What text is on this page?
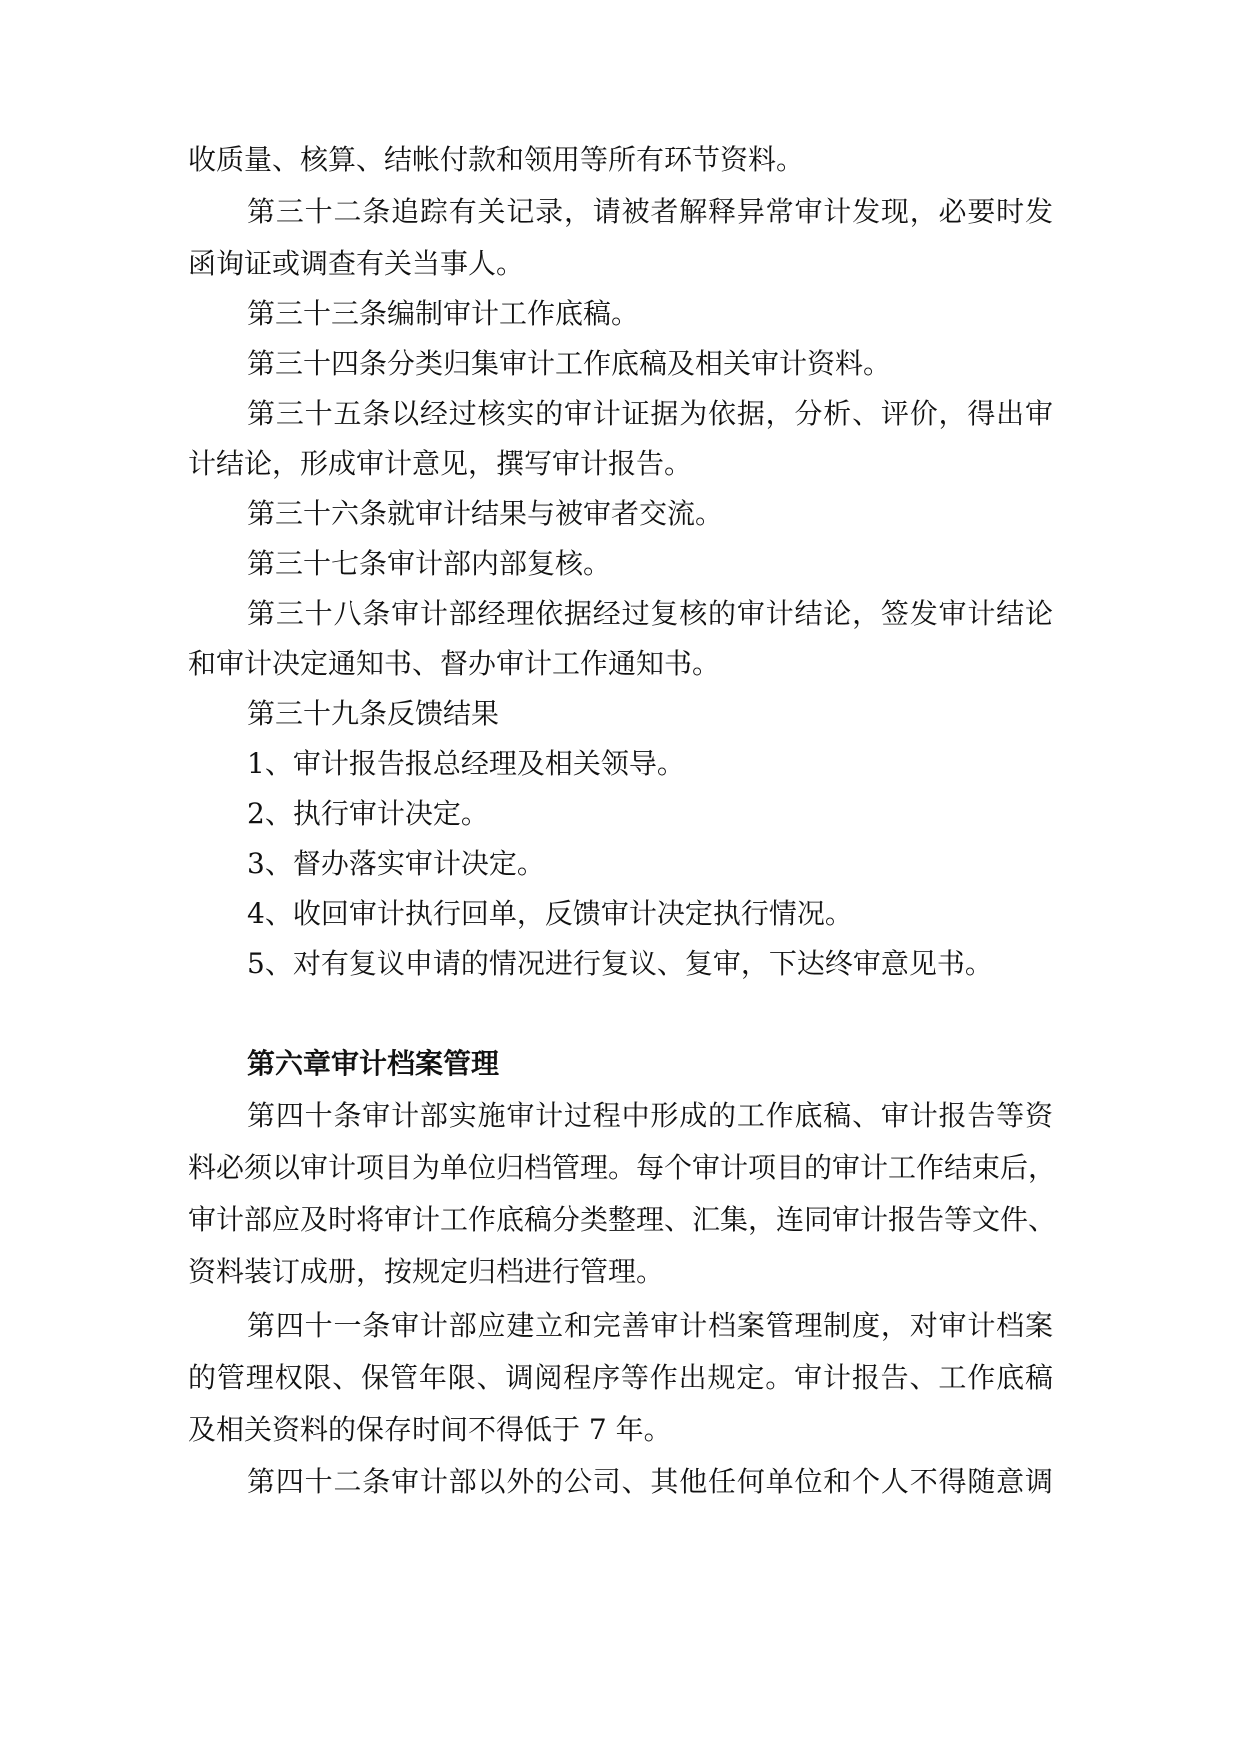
收质量、核算、结帐付款和领用等所有环节资料。
第三十二条追踪有关记录，请被者解释异常审计发现，必要时发
函询证或调查有关当事人。
第三十三条编制审计工作底稿。
第三十四条分类归集审计工作底稿及相关审计资料。
第三十五条以经过核实的审计证据为依据，分析、评价，得出审
计结论，形成审计意见，撰写审计报告。
第三十六条就审计结果与被审者交流。
第三十七条审计部内部复核。
第三十八条审计部经理依据经过复核的审计结论，签发审计结论
和审计决定通知书、督办审计工作通知书。
第三十九条反馈结果
1、审计报告报总经理及相关领导。
2、执行审计决定。
3、督办落实审计决定。
4、收回审计执行回单，反馈审计决定执行情况。
5、对有复议申请的情况进行复议、复审，下达终审意见书。
第六章审计档案管理
第四十条审计部实施审计过程中形成的工作底稿、审计报告等资
料必须以审计项目为单位归档管理。每个审计项目的审计工作结束后，
审计部应及时将审计工作底稿分类整理、汇集，连同审计报告等文件、
资料装订成册，按规定归档进行管理。
第四十一条审计部应建立和完善审计档案管理制度，对审计档案
的管理权限、保管年限、调阅程序等作出规定。审计报告、工作底稿
及相关资料的保存时间不得低于 7 年。
第四十二条审计部以外的公司、其他任何单位和个人不得随意调
